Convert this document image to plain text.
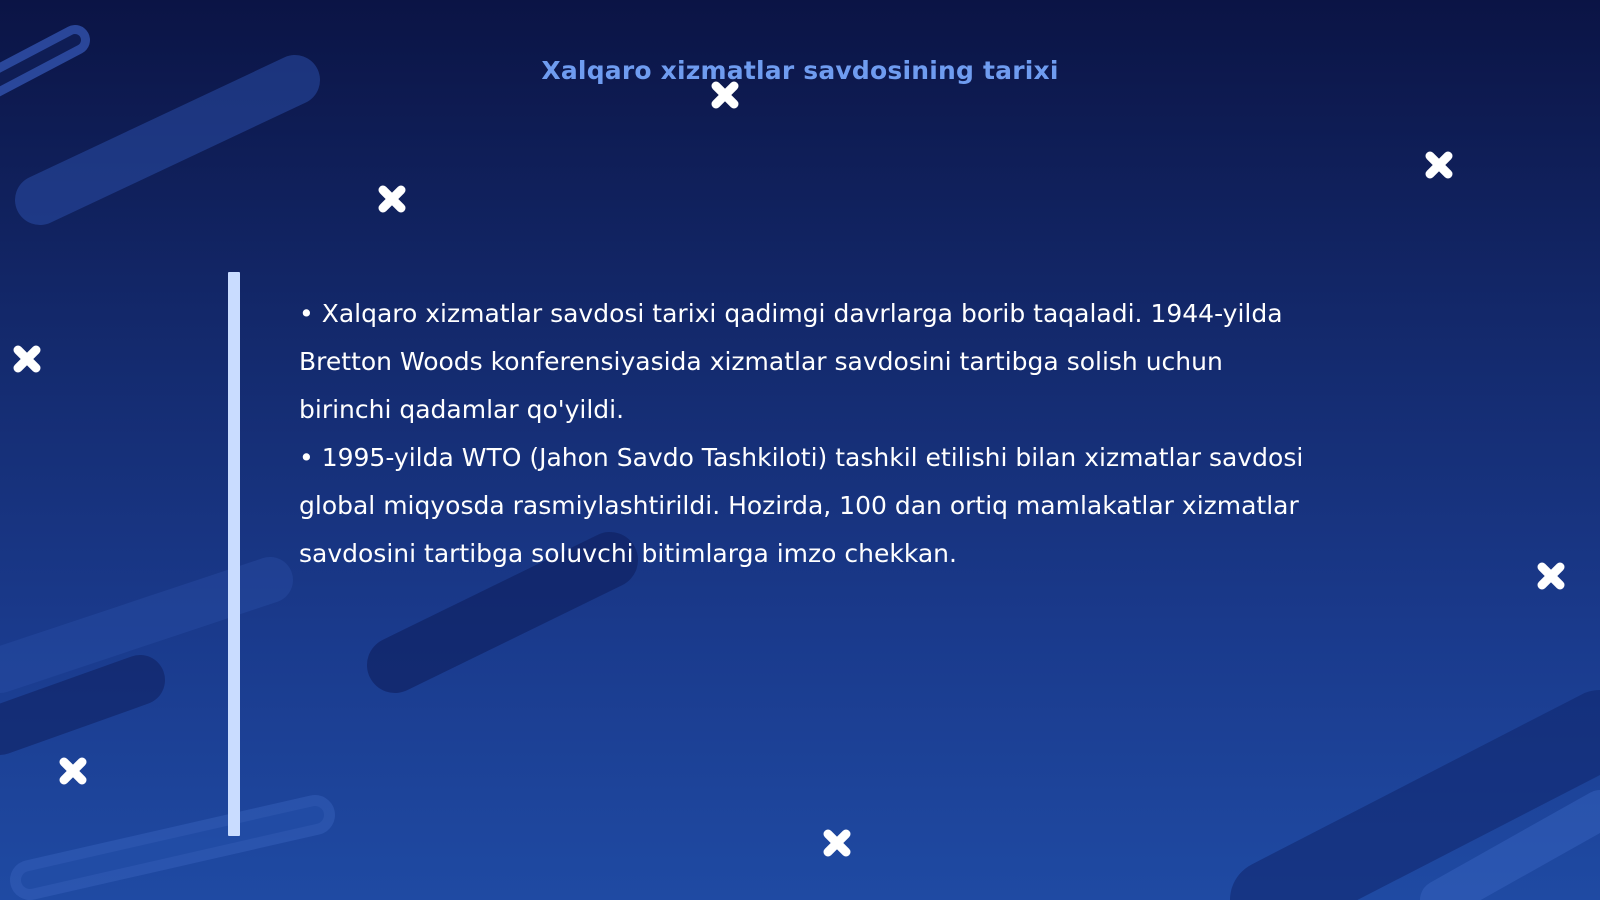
Xalqaro xizmatlar savdosining tarixi

• Xalqaro xizmatlar savdosi tarixi qadimgi davrlarga borib taqaladi. 1944-yilda Bretton Woods konferensiyasida xizmatlar savdosini tartibga solish uchun birinchi qadamlar qo'yildi.

• 1995-yilda WTO (Jahon Savdo Tashkiloti) tashkil etilishi bilan xizmatlar savdosi global miqyosda rasmiylashtirildi. Hozirda, 100 dan ortiq mamlakatlar xizmatlar savdosini tartibga soluvchi bitimlarga imzo chekkan.
